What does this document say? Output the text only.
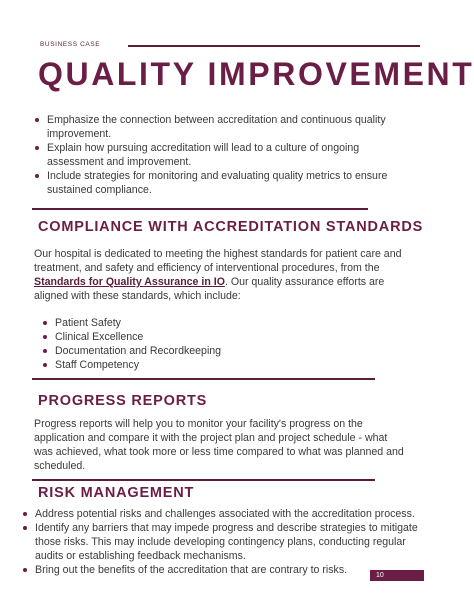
BUSINESS CASE
QUALITY IMPROVEMENT
Emphasize the connection between accreditation and continuous quality improvement.
Explain how pursuing accreditation will lead to a culture of ongoing assessment and improvement.
Include strategies for monitoring and evaluating quality metrics to ensure sustained compliance.
COMPLIANCE WITH ACCREDITATION STANDARDS

Our hospital is dedicated to meeting the highest standards for patient care and treatment, and safety and efficiency of interventional procedures, from the Standards for Quality Assurance in IO. Our quality assurance efforts are aligned with these standards, which include:

Patient Safety
Clinical Excellence
Documentation and Recordkeeping
Staff Competency
PROGRESS REPORTS

Progress reports will help you to monitor your facility's progress on the application and compare it with the project plan and project schedule - what was achieved, what took more or less time compared to what was planned and scheduled.

RISK MANAGEMENT
Address potential risks and challenges associated with the accreditation process.
Identify any barriers that may impede progress and describe strategies to mitigate those risks. This may include developing contingency plans, conducting regular audits or establishing feedback mechanisms.
Bring out the benefits of the accreditation that are contrary to risks.	10
